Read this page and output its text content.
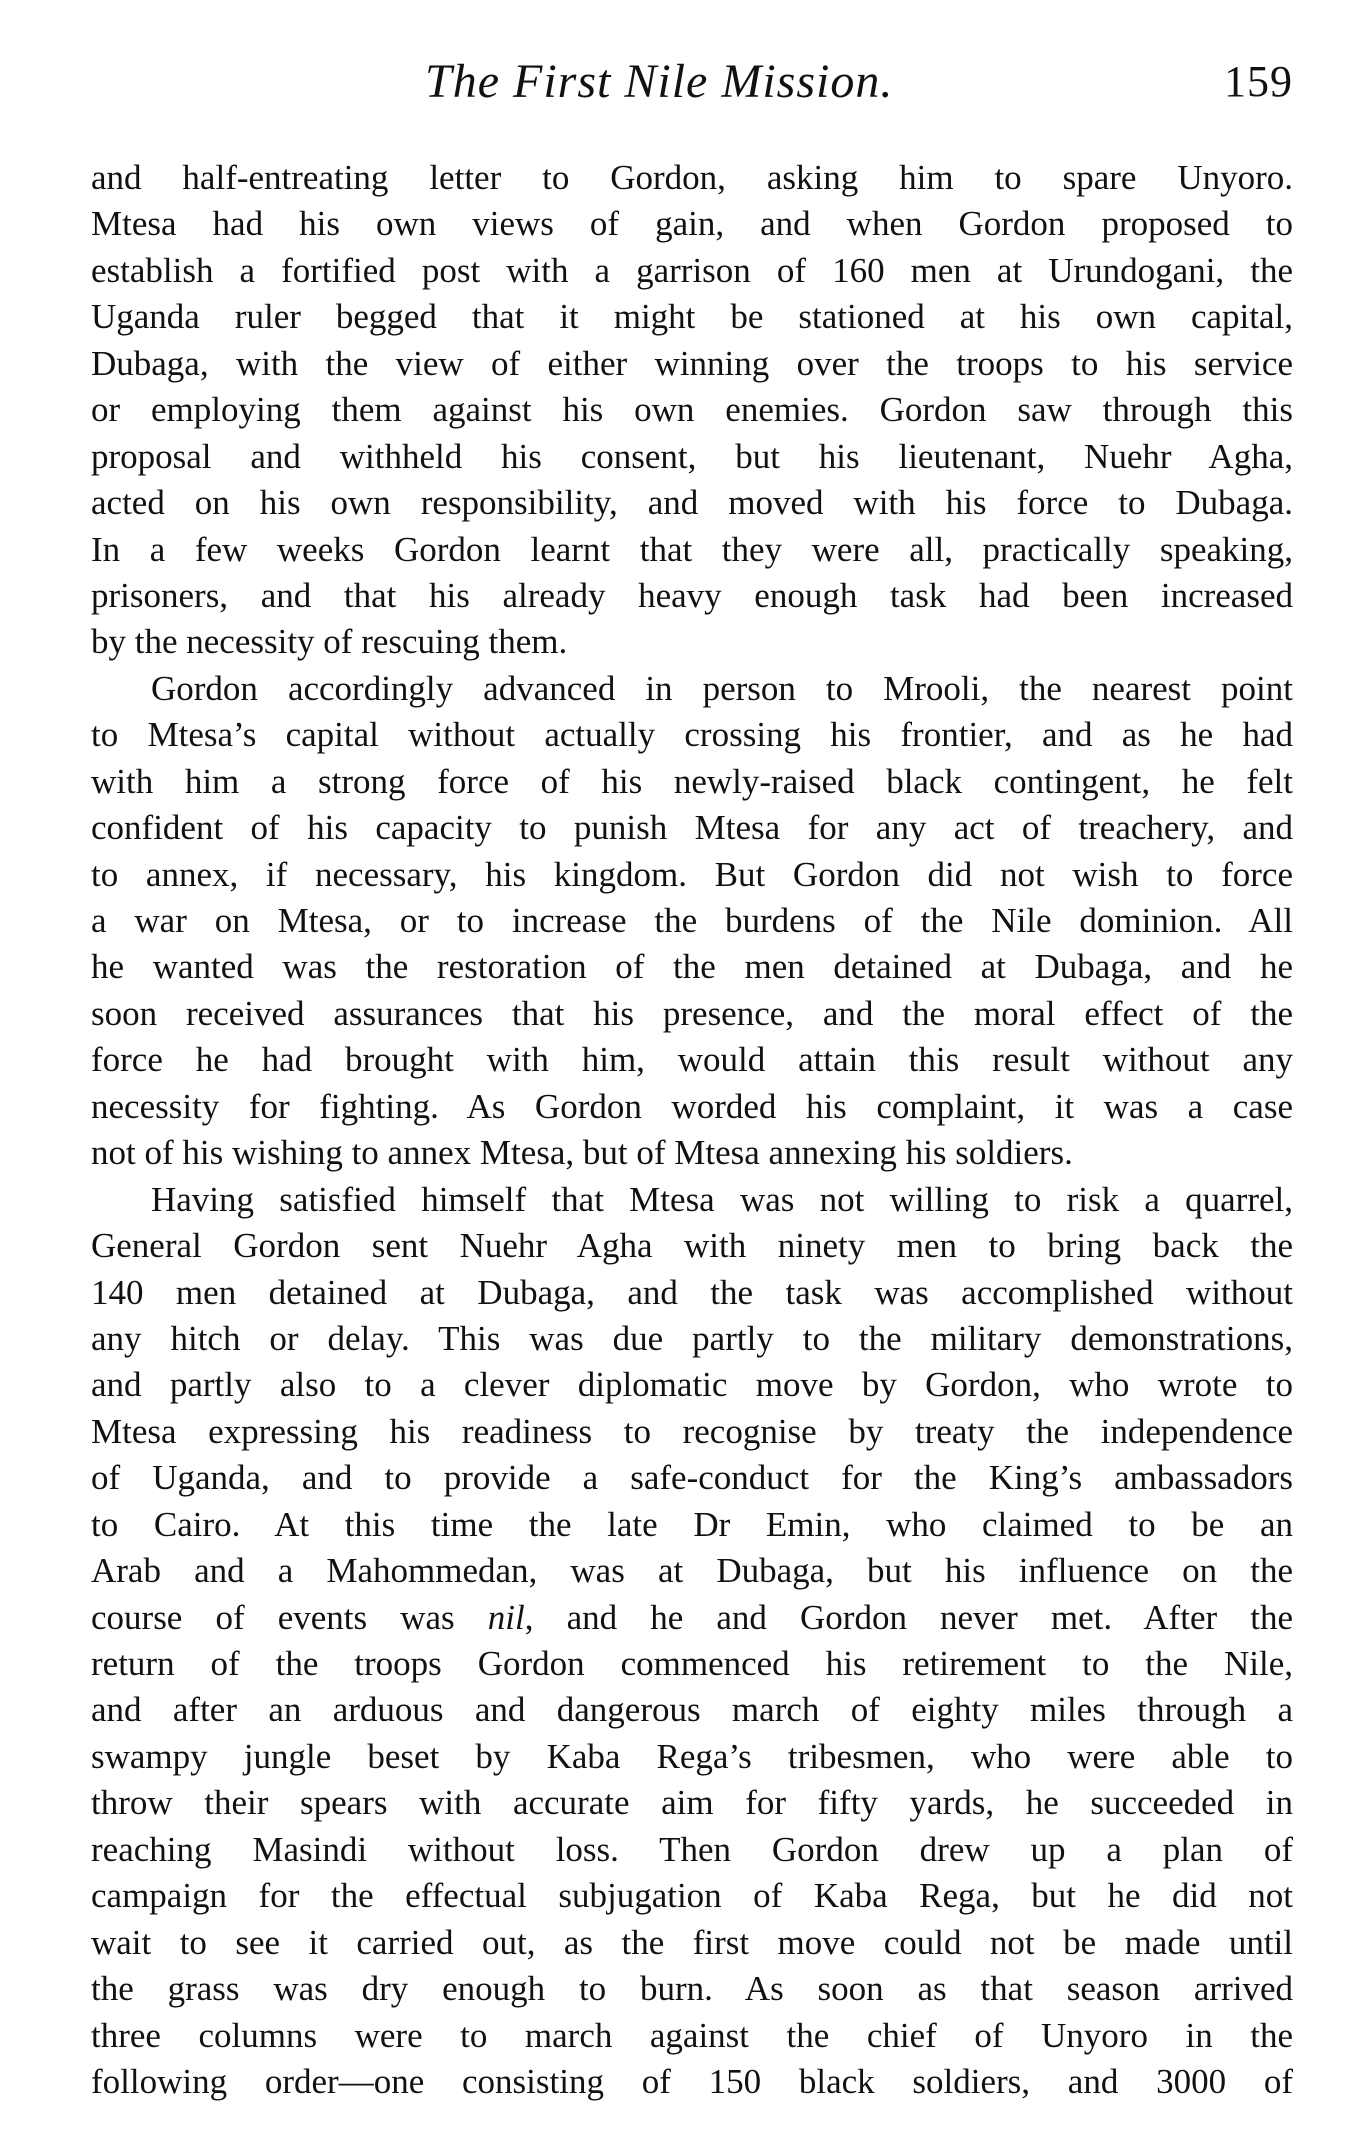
The First Nile Mission.	159
and half-entreating letter to Gordon, asking him to spare Unyoro.
Mtesa had his own views of gain, and when Gordon proposed to
establish a fortified post with a garrison of 160 men at Urundogani, the
Uganda ruler begged that it might be stationed at his own capital,
Dubaga, with the view of either winning over the troops to his service
or employing them against his own enemies. Gordon saw through this
proposal and withheld his consent, but his lieutenant, Nuehr Agha,
acted on his own responsibility, and moved with his force to Dubaga.
In a few weeks Gordon learnt that they were all, practically speaking,
prisoners, and that his already heavy enough task had been increased
by the necessity of rescuing them.
Gordon accordingly advanced in person to Mrooli, the nearest point
to Mtesa’s capital without actually crossing his frontier, and as he had
with him a strong force of his newly-raised black contingent, he felt
confident of his capacity to punish Mtesa for any act of treachery, and
to annex, if necessary, his kingdom. But Gordon did not wish to force
a war on Mtesa, or to increase the burdens of the Nile dominion. All
he wanted was the restoration of the men detained at Dubaga, and he
soon received assurances that his presence, and the moral effect of the
force he had brought with him, would attain this result without any
necessity for fighting. As Gordon worded his complaint, it was a case
not of his wishing to annex Mtesa, but of Mtesa annexing his soldiers.
Having satisfied himself that Mtesa was not willing to risk a quarrel,
General Gordon sent Nuehr Agha with ninety men to bring back the
140 men detained at Dubaga, and the task was accomplished without
any hitch or delay. This was due partly to the military demonstrations,
and partly also to a clever diplomatic move by Gordon, who wrote to
Mtesa expressing his readiness to recognise by treaty the independence
of Uganda, and to provide a safe-conduct for the King’s ambassadors
to Cairo. At this time the late Dr Emin, who claimed to be an
Arab and a Mahommedan, was at Dubaga, but his influence on the
course of events was nil, and he and Gordon never met. After the
return of the troops Gordon commenced his retirement to the Nile,
and after an arduous and dangerous march of eighty miles through a
swampy jungle beset by Kaba Rega’s tribesmen, who were able to
throw their spears with accurate aim for fifty yards, he succeeded in
reaching Masindi without loss. Then Gordon drew up a plan of
campaign for the effectual subjugation of Kaba Rega, but he did not
wait to see it carried out, as the first move could not be made until
the grass was dry enough to burn. As soon as that season arrived
three columns were to march against the chief of Unyoro in the
following order—one consisting of 150 black soldiers, and 3000 of
